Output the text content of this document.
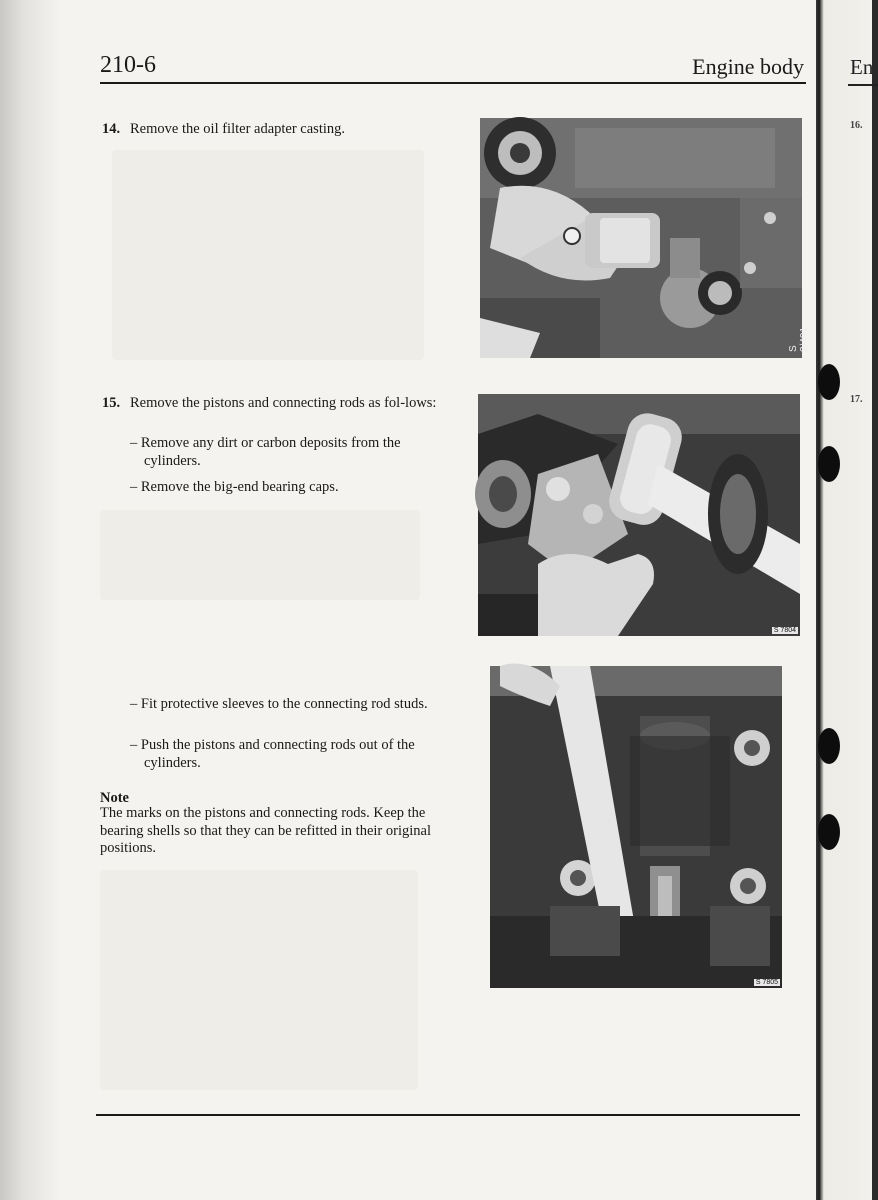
210-6	Engine body
14. Remove the oil filter adapter casting.
15. Remove the pistons and connecting rods as fol-lows:
– Remove any dirt or carbon deposits from the cylinders.
– Remove the big-end bearing caps.
– Fit protective sleeves to the connecting rod studs.
– Push the pistons and connecting rods out of the cylinders.
Note
The marks on the pistons and connecting rods. Keep the bearing shells so that they can be refitted in their original positions.
S 2/491
S 7804
S 7805
En
16.
17.
